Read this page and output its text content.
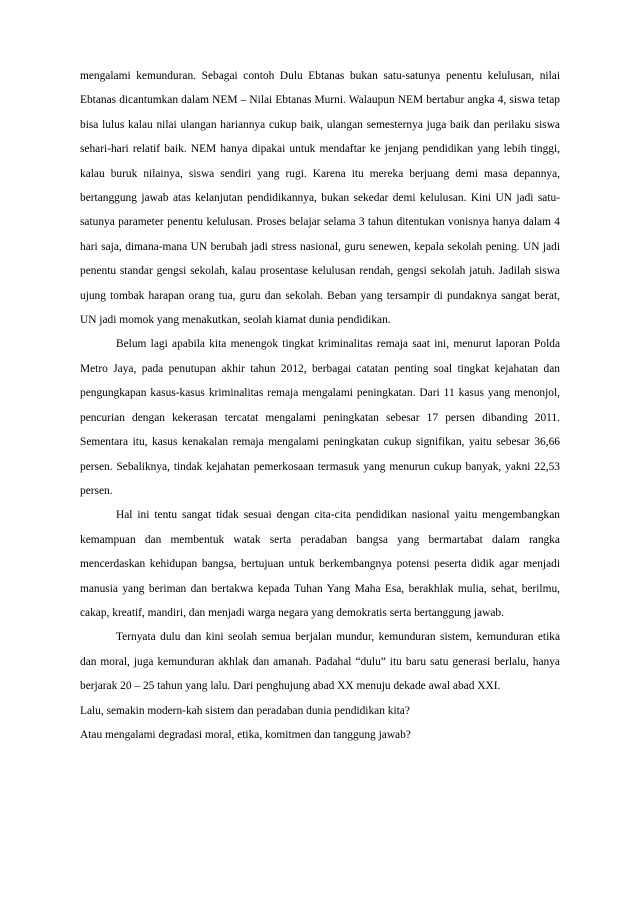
mengalami kemunduran. Sebagai contoh Dulu Ebtanas bukan satu-satunya penentu kelulusan, nilai Ebtanas dicantumkan dalam NEM – Nilai Ebtanas Murni. Walaupun NEM bertabur angka 4, siswa tetap bisa lulus kalau nilai ulangan hariannya cukup baik, ulangan semesternya juga baik dan perilaku siswa sehari-hari relatif baik. NEM hanya dipakai untuk mendaftar ke jenjang pendidikan yang lebih tinggi, kalau buruk nilainya, siswa sendiri yang rugi. Karena itu mereka berjuang demi masa depannya, bertanggung jawab atas kelanjutan pendidikannya, bukan sekedar demi kelulusan. Kini UN jadi satu-satunya parameter penentu kelulusan. Proses belajar selama 3 tahun ditentukan vonisnya hanya dalam 4 hari saja, dimana-mana UN berubah jadi stress nasional, guru senewen, kepala sekolah pening. UN jadi penentu standar gengsi sekolah, kalau prosentase kelulusan rendah, gengsi sekolah jatuh. Jadilah siswa ujung tombak harapan orang tua, guru dan sekolah. Beban yang tersampir di pundaknya sangat berat, UN jadi momok yang menakutkan, seolah kiamat dunia pendidikan.

Belum lagi apabila kita menengok tingkat kriminalitas remaja saat ini, menurut laporan Polda Metro Jaya, pada penutupan akhir tahun 2012, berbagai catatan penting soal tingkat kejahatan dan pengungkapan kasus-kasus kriminalitas remaja mengalami peningkatan. Dari 11 kasus yang menonjol, pencurian dengan kekerasan tercatat mengalami peningkatan sebesar 17 persen dibanding 2011. Sementara itu, kasus kenakalan remaja mengalami peningkatan cukup signifikan, yaitu sebesar 36,66 persen. Sebaliknya, tindak kejahatan pemerkosaan termasuk yang menurun cukup banyak, yakni 22,53 persen.

Hal ini tentu sangat tidak sesuai dengan cita-cita pendidikan nasional yaitu mengembangkan kemampuan dan membentuk watak serta peradaban bangsa yang bermartabat dalam rangka mencerdaskan kehidupan bangsa, bertujuan untuk berkembangnya potensi peserta didik agar menjadi manusia yang beriman dan bertakwa kepada Tuhan Yang Maha Esa, berakhlak mulia, sehat, berilmu, cakap, kreatif, mandiri, dan menjadi warga negara yang demokratis serta bertanggung jawab.

Ternyata dulu dan kini seolah semua berjalan mundur, kemunduran sistem, kemunduran etika dan moral, juga kemunduran akhlak dan amanah. Padahal “dulu” itu baru satu generasi berlalu, hanya berjarak 20 – 25 tahun yang lalu. Dari penghujung abad XX menuju dekade awal abad XXI.

Lalu, semakin modern-kah sistem dan peradaban dunia pendidikan kita?
Atau mengalami degradasi moral, etika, komitmen dan tanggung jawab?
